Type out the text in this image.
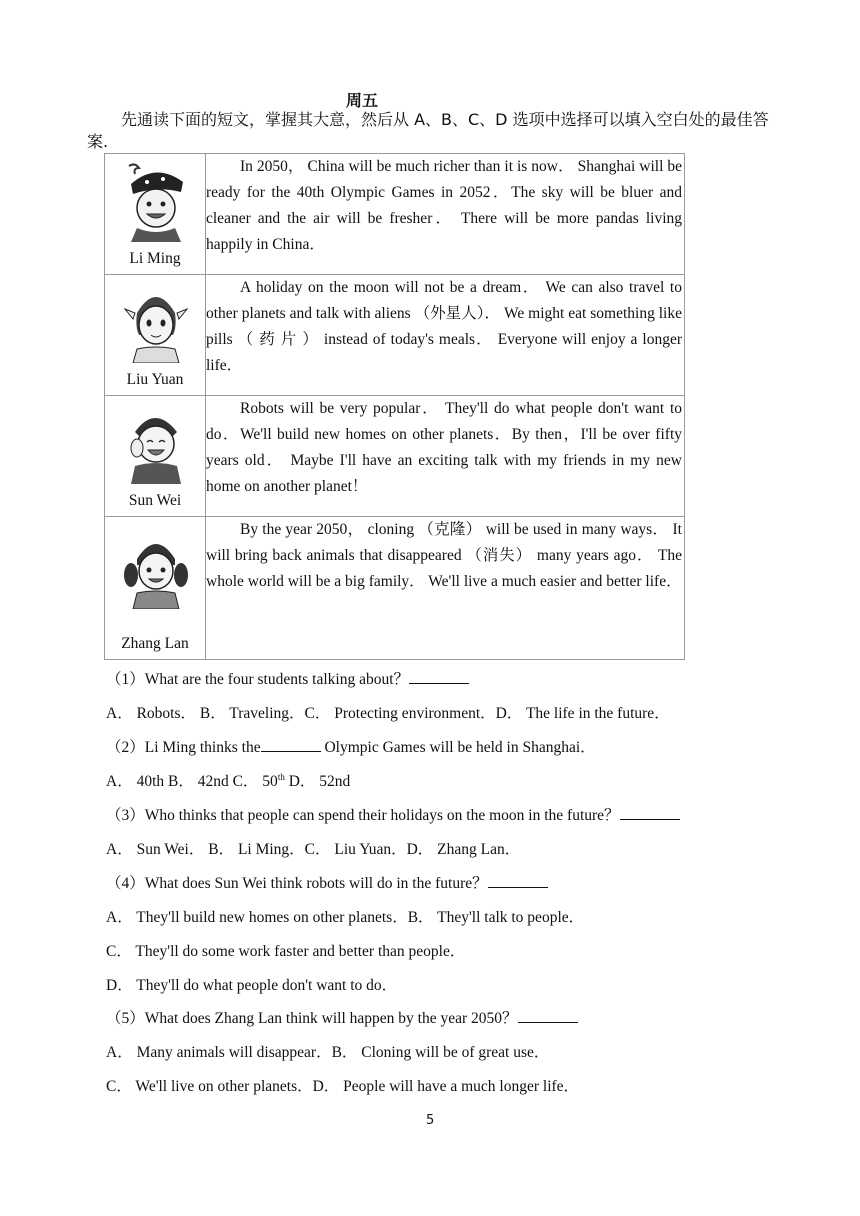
周五
先通读下面的短文，掌握其大意，然后从 A、B、C、D 选项中选择可以填入空白处的最佳答案.
Li Ming	In 2050， China will be much richer than it is now． Shanghai will be ready for the 40th Olympic Games in 2052．The sky will be bluer and cleaner and the air will be fresher． There will be more pandas living happily in China．

Liu Yuan	A holiday on the moon will not be a dream． We can also travel to other planets and talk with aliens （外星人）． We might eat something like pills （ 药 片 ） instead of today's meals． Everyone will enjoy a longer life．

Sun Wei	Robots will be very popular． They'll do what people don't want to do．We'll build new homes on other planets．By then，I'll be over fifty years old． Maybe I'll have an exciting talk with my friends in my new home on another planet！

Zhang Lan	By the year 2050， cloning （克隆） will be used in many ways． It will bring back animals that disappeared （消失） many years ago． The whole world will be a big family． We'll live a much easier and better life．

（1）What are the four students talking about？
A． Robots． B． Traveling．C． Protecting environment．D． The life in the future．
（2）Li Ming thinks the	Olympic Games will be held in Shanghai．
A． 40th B． 42nd C． 50th D． 52nd
（3）Who thinks that people can spend their holidays on the moon in the future？
A． Sun Wei． B． Li Ming．C． Liu Yuan．D． Zhang Lan．
（4）What does Sun Wei think robots will do in the future？
A． They'll build new homes on other planets．B． They'll talk to people．
C． They'll do some work faster and better than people．
D． They'll do what people don't want to do．
（5）What does Zhang Lan think will happen by the year 2050？
A． Many animals will disappear．B． Cloning will be of great use．
C． We'll live on other planets．D． People will have a much longer life．
5
